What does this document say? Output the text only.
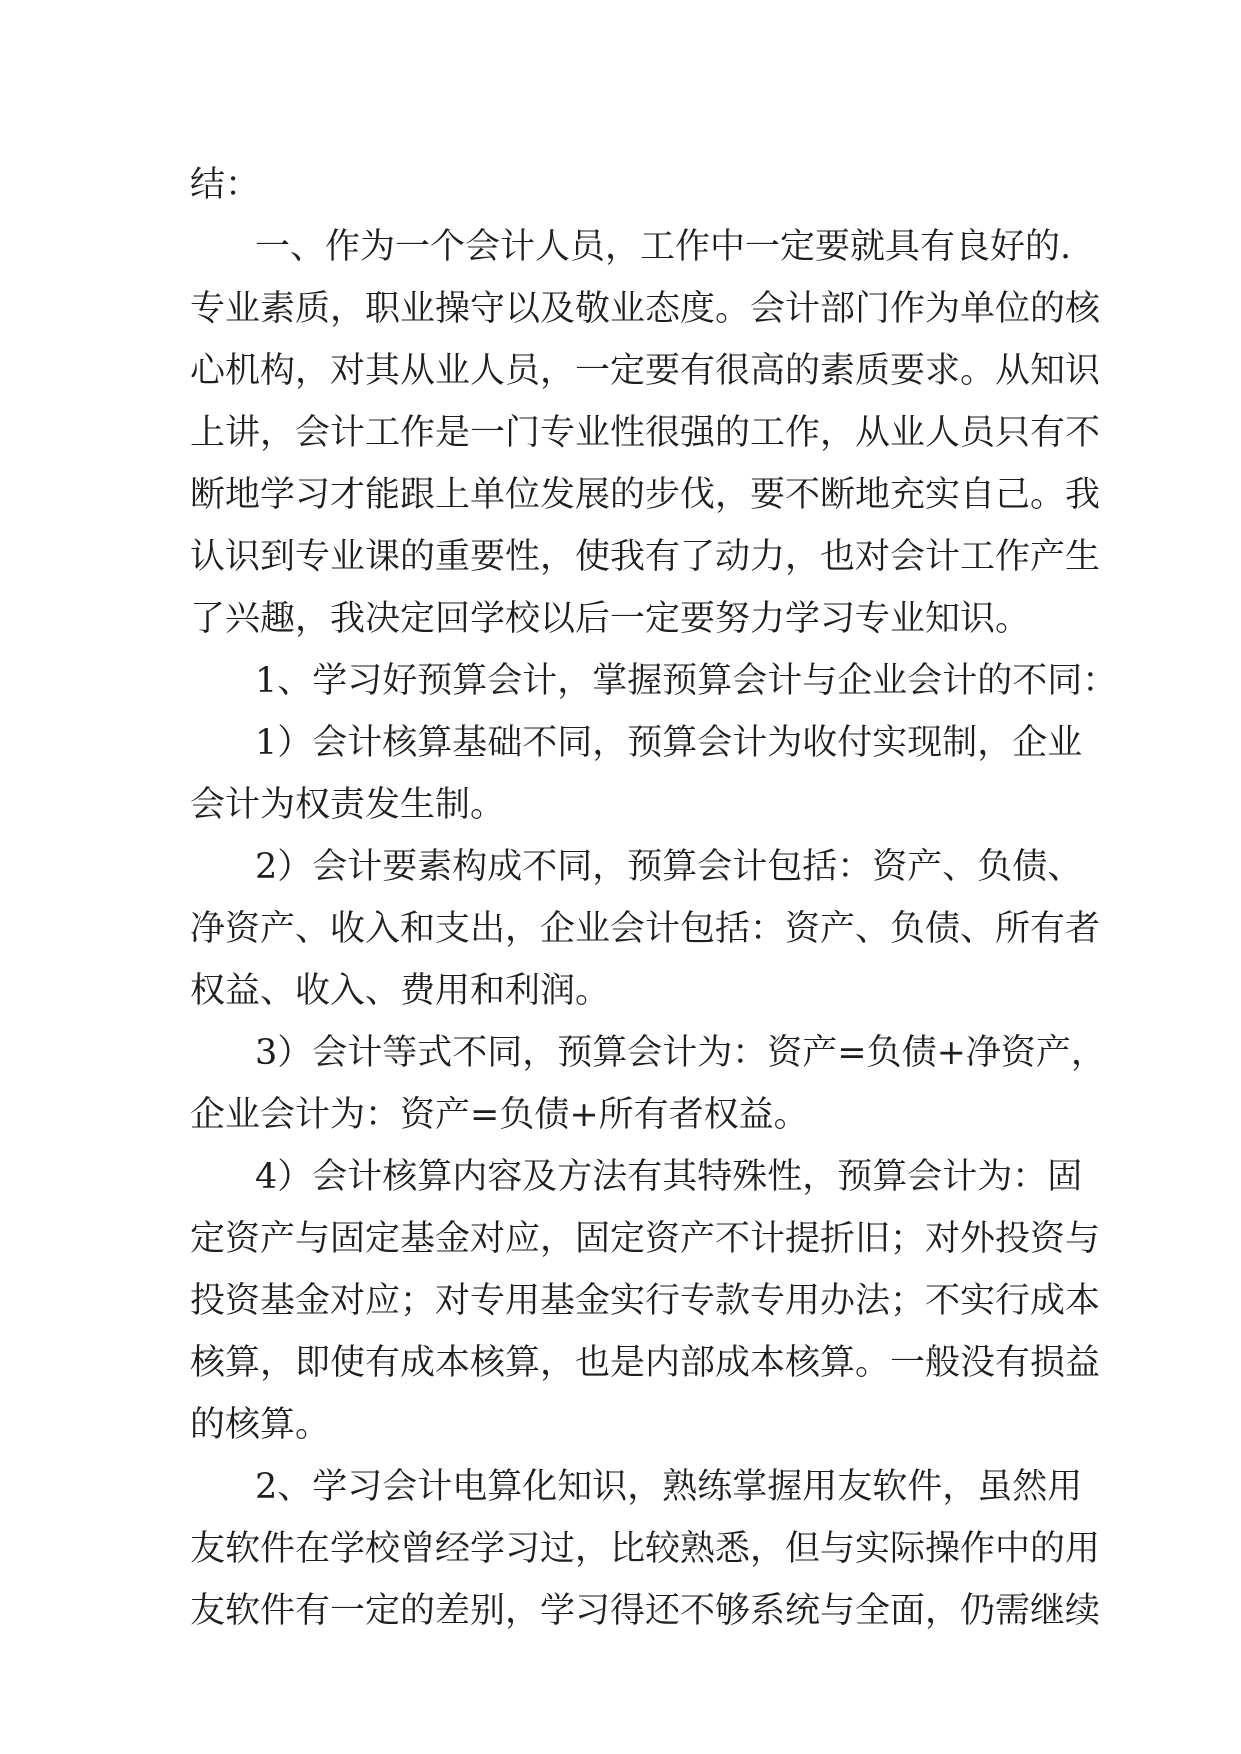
结：
一、作为一个会计人员，工作中一定要就具有良好的.
专业素质，职业操守以及敬业态度。会计部门作为单位的核
心机构，对其从业人员，一定要有很高的素质要求。从知识
上讲，会计工作是一门专业性很强的工作，从业人员只有不
断地学习才能跟上单位发展的步伐，要不断地充实自己。我
认识到专业课的重要性，使我有了动力，也对会计工作产生
了兴趣，我决定回学校以后一定要努力学习专业知识。
1、学习好预算会计，掌握预算会计与企业会计的不同：
1）会计核算基础不同，预算会计为收付实现制，企业
会计为权责发生制。
2）会计要素构成不同，预算会计包括：资产、负债、
净资产、收入和支出，企业会计包括：资产、负债、所有者
权益、收入、费用和利润。
3）会计等式不同，预算会计为：资产=负债+净资产，
企业会计为：资产=负债+所有者权益。
4）会计核算内容及方法有其特殊性，预算会计为：固
定资产与固定基金对应，固定资产不计提折旧；对外投资与
投资基金对应；对专用基金实行专款专用办法；不实行成本
核算，即使有成本核算，也是内部成本核算。一般没有损益
的核算。
2、学习会计电算化知识，熟练掌握用友软件，虽然用
友软件在学校曾经学习过，比较熟悉，但与实际操作中的用
友软件有一定的差别，学习得还不够系统与全面，仍需继续
